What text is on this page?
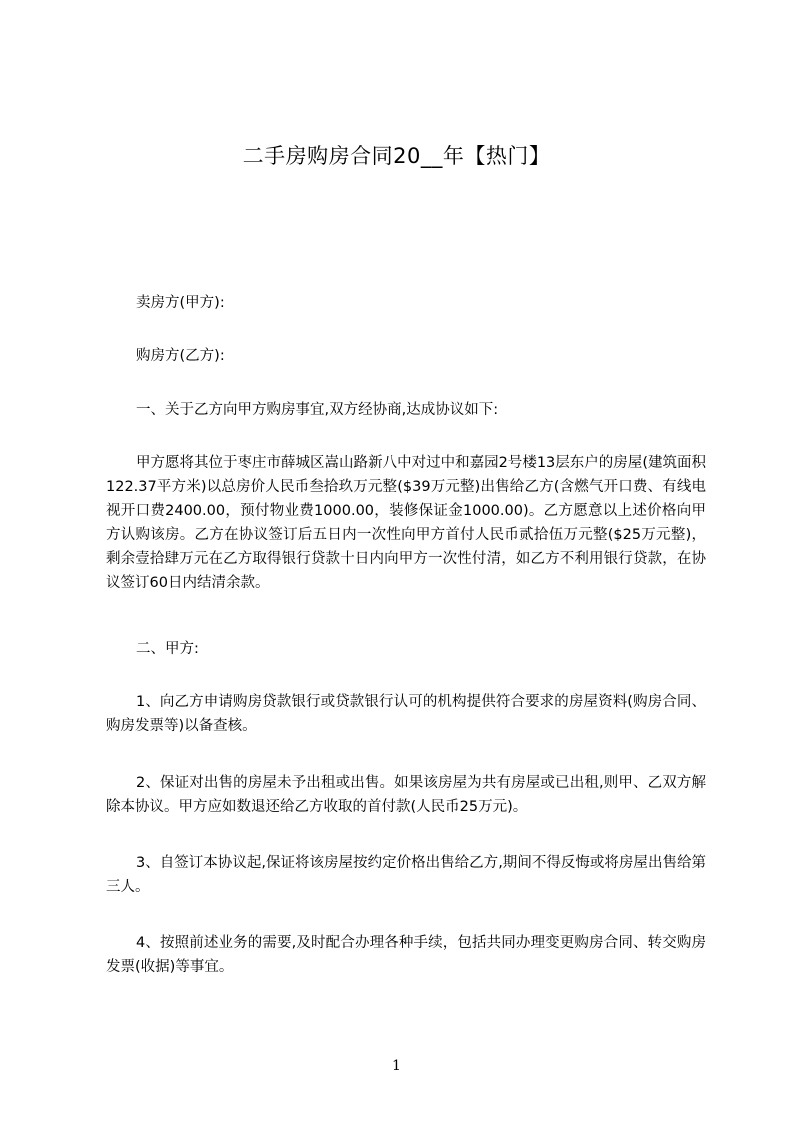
二手房购房合同20__年【热门】

卖房方(甲方):

购房方(乙方):

一、关于乙方向甲方购房事宜,双方经协商,达成协议如下:

甲方愿将其位于枣庄市薛城区嵩山路新八中对过中和嘉园2号楼13层东户的房屋(建筑面积122.37平方米)以总房价人民币叁拾玖万元整($39万元整)出售给乙方(含燃气开口费、有线电视开口费2400.00，预付物业费1000.00，装修保证金1000.00)。乙方愿意以上述价格向甲方认购该房。乙方在协议签订后五日内一次性向甲方首付人民币贰拾伍万元整($25万元整)，剩余壹拾肆万元在乙方取得银行贷款十日内向甲方一次性付清，如乙方不利用银行贷款，在协议签订60日内结清余款。

二、甲方:

1、向乙方申请购房贷款银行或贷款银行认可的机构提供符合要求的房屋资料(购房合同、购房发票等)以备查核。

2、保证对出售的房屋未予出租或出售。如果该房屋为共有房屋或已出租,则甲、乙双方解除本协议。甲方应如数退还给乙方收取的首付款(人民币25万元)。

3、自签订本协议起,保证将该房屋按约定价格出售给乙方,期间不得反悔或将房屋出售给第三人。

4、按照前述业务的需要,及时配合办理各种手续，包括共同办理变更购房合同、转交购房发票(收据)等事宜。

1
